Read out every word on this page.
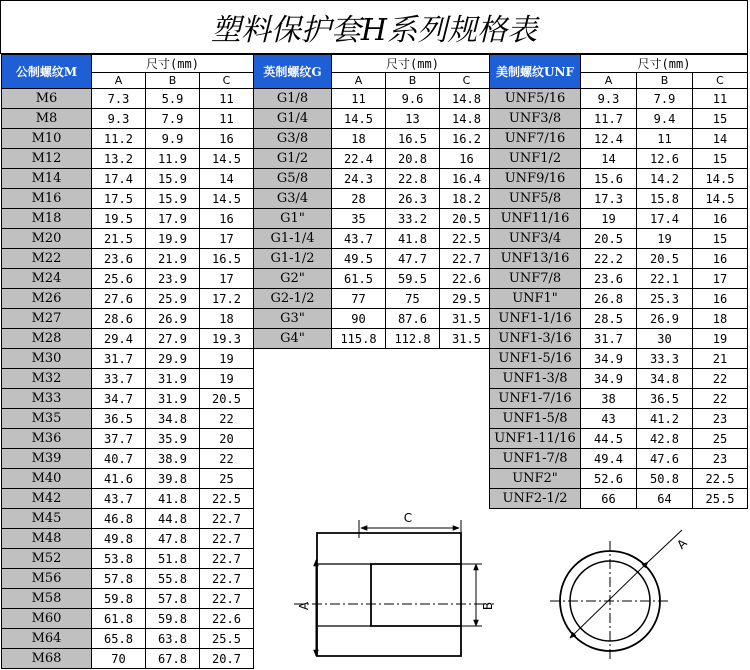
塑料保护套H系列规格表
公制螺纹M	尺寸(mm)		
	A	B	C
M6	7.3	5.9	11
M8	9.3	7.9	11
M10	11.2	9.9	16
M12	13.2	11.9	14.5
M14	17.4	15.9	14
M16	17.5	15.9	14.5
M18	19.5	17.9	16
M20	21.5	19.9	17
M22	23.6	21.9	16.5
M24	25.6	23.9	17
M26	27.6	25.9	17.2
M27	28.6	26.9	18
M28	29.4	27.9	19.3
M30	31.7	29.9	19
M32	33.7	31.9	19
M33	34.7	31.9	20.5
M35	36.5	34.8	22
M36	37.7	35.9	20
M39	40.7	38.9	22
M40	41.6	39.8	25
M42	43.7	41.8	22.5
M45	46.8	44.8	22.7
M48	49.8	47.8	22.7
M52	53.8	51.8	22.7
M56	57.8	55.8	22.7
M58	59.8	57.8	22.7
M60	61.8	59.8	22.6
M64	65.8	63.8	25.5
M68	70	67.8	20.7
英制螺纹G	尺寸(mm)		
	A	B	C
G1/8	11	9.6	14.8
G1/4	14.5	13	14.8
G3/8	18	16.5	16.2
G1/2	22.4	20.8	16
G5/8	24.3	22.8	16.4
G3/4	28	26.3	18.2
G1"	35	33.2	20.5
G1-1/4	43.7	41.8	22.5
G1-1/2	49.5	47.7	22.7
G2"	61.5	59.5	22.6
G2-1/2	77	75	29.5
G3"	90	87.6	31.5
G4"	115.8	112.8	31.5
美制螺纹UNF	尺寸(mm)		
	A	B	C
UNF5/16	9.3	7.9	11
UNF3/8	11.7	9.4	15
UNF7/16	12.4	11	14
UNF1/2	14	12.6	15
UNF9/16	15.6	14.2	14.5
UNF5/8	17.3	15.8	14.5
UNF11/16	19	17.4	16
UNF3/4	20.5	19	15
UNF13/16	22.2	20.5	16
UNF7/8	23.6	22.1	17
UNF1"	26.8	25.3	16
UNF1-1/16	28.5	26.9	18
UNF1-3/16	31.7	30	19
UNF1-5/16	34.9	33.3	21
UNF1-3/8	34.9	34.8	22
UNF1-7/16	38	36.5	22
UNF1-5/8	43	41.2	23
UNF1-11/16	44.5	42.8	25
UNF1-7/8	49.4	47.6	23
UNF2"	52.6	50.8	22.5
UNF2-1/2	66	64	25.5
C
A	B
A
